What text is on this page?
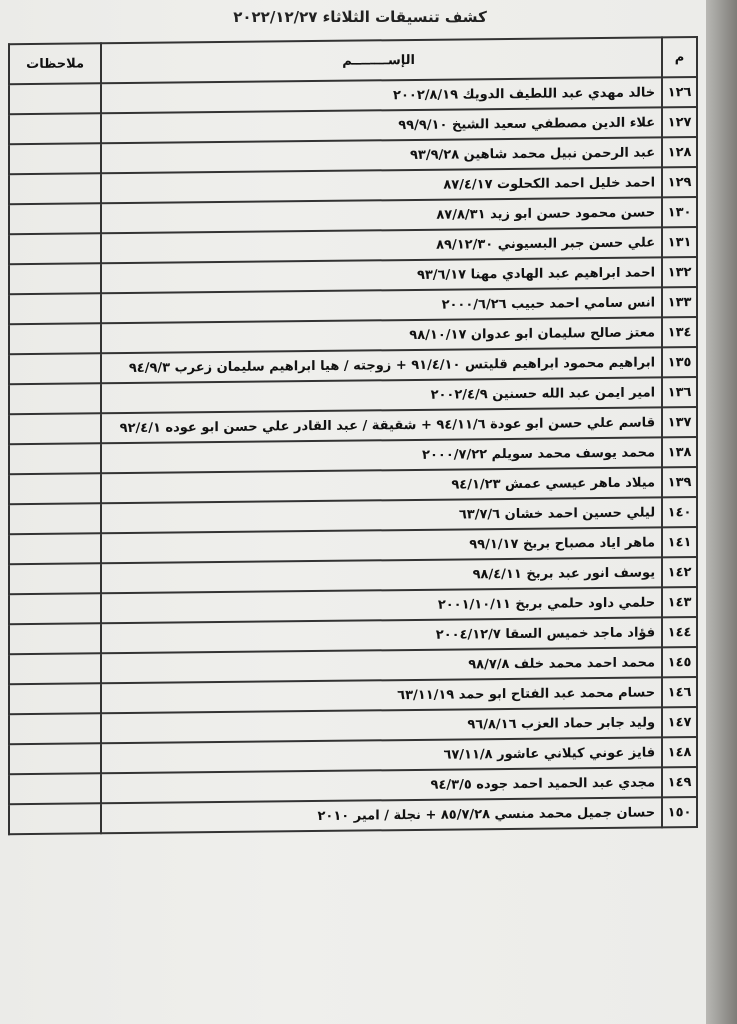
كشف تنسيقات الثلاثاء ٢٠٢٢/١٢/٢٧
م	الإســــــــم	ملاحظات
١٢٦	خالد مهدي عبد اللطيف الدويك ٢٠٠٢/٨/١٩	
١٢٧	علاء الدين مصطفي سعيد الشيخ ٩٩/٩/١٠	
١٢٨	عبد الرحمن نبيل محمد شاهين ٩٣/٩/٢٨	
١٢٩	احمد خليل احمد الكحلوت ٨٧/٤/١٧	
١٣٠	حسن محمود حسن ابو زيد ٨٧/٨/٣١	
١٣١	علي حسن جبر البسيوني ٨٩/١٢/٣٠	
١٣٢	احمد ابراهيم عبد الهادي مهنا ٩٣/٦/١٧	
١٣٣	انس سامي احمد حبيب ٢٠٠٠/٦/٢٦	
١٣٤	معتز صالح سليمان ابو عدوان ٩٨/١٠/١٧	
١٣٥	ابراهيم محمود ابراهيم قليتس ٩١/٤/١٠ + زوجته / هيا ابراهيم سليمان زعرب ٩٤/٩/٣	
١٣٦	امير ايمن عبد الله حسنين ٢٠٠٢/٤/٩	
١٣٧	قاسم علي حسن ابو عودة ٩٤/١١/٦ + شقيقة / عبد القادر علي حسن ابو عوده ٩٢/٤/١	
١٣٨	محمد يوسف محمد سويلم ٢٠٠٠/٧/٢٢	
١٣٩	ميلاد ماهر عيسي عمش ٩٤/١/٢٣	
١٤٠	ليلي حسين احمد خشان ٦٣/٧/٦	
١٤١	ماهر اياد مصباح بربخ ٩٩/١/١٧	
١٤٢	يوسف انور عبد بربخ ٩٨/٤/١١	
١٤٣	حلمي داود حلمي بربخ ٢٠٠١/١٠/١١	
١٤٤	فؤاد ماجد خميس السقا ٢٠٠٤/١٢/٧	
١٤٥	محمد احمد محمد خلف ٩٨/٧/٨	
١٤٦	حسام محمد عبد الفتاح ابو حمد ٦٣/١١/١٩	
١٤٧	وليد جابر حماد العزب ٩٦/٨/١٦	
١٤٨	فايز عوني كيلاني عاشور ٦٧/١١/٨	
١٤٩	مجدي عبد الحميد احمد جوده ٩٤/٣/٥	
١٥٠	حسان جميل محمد منسي ٨٥/٧/٢٨ + نجلة / امير ٢٠١٠	
